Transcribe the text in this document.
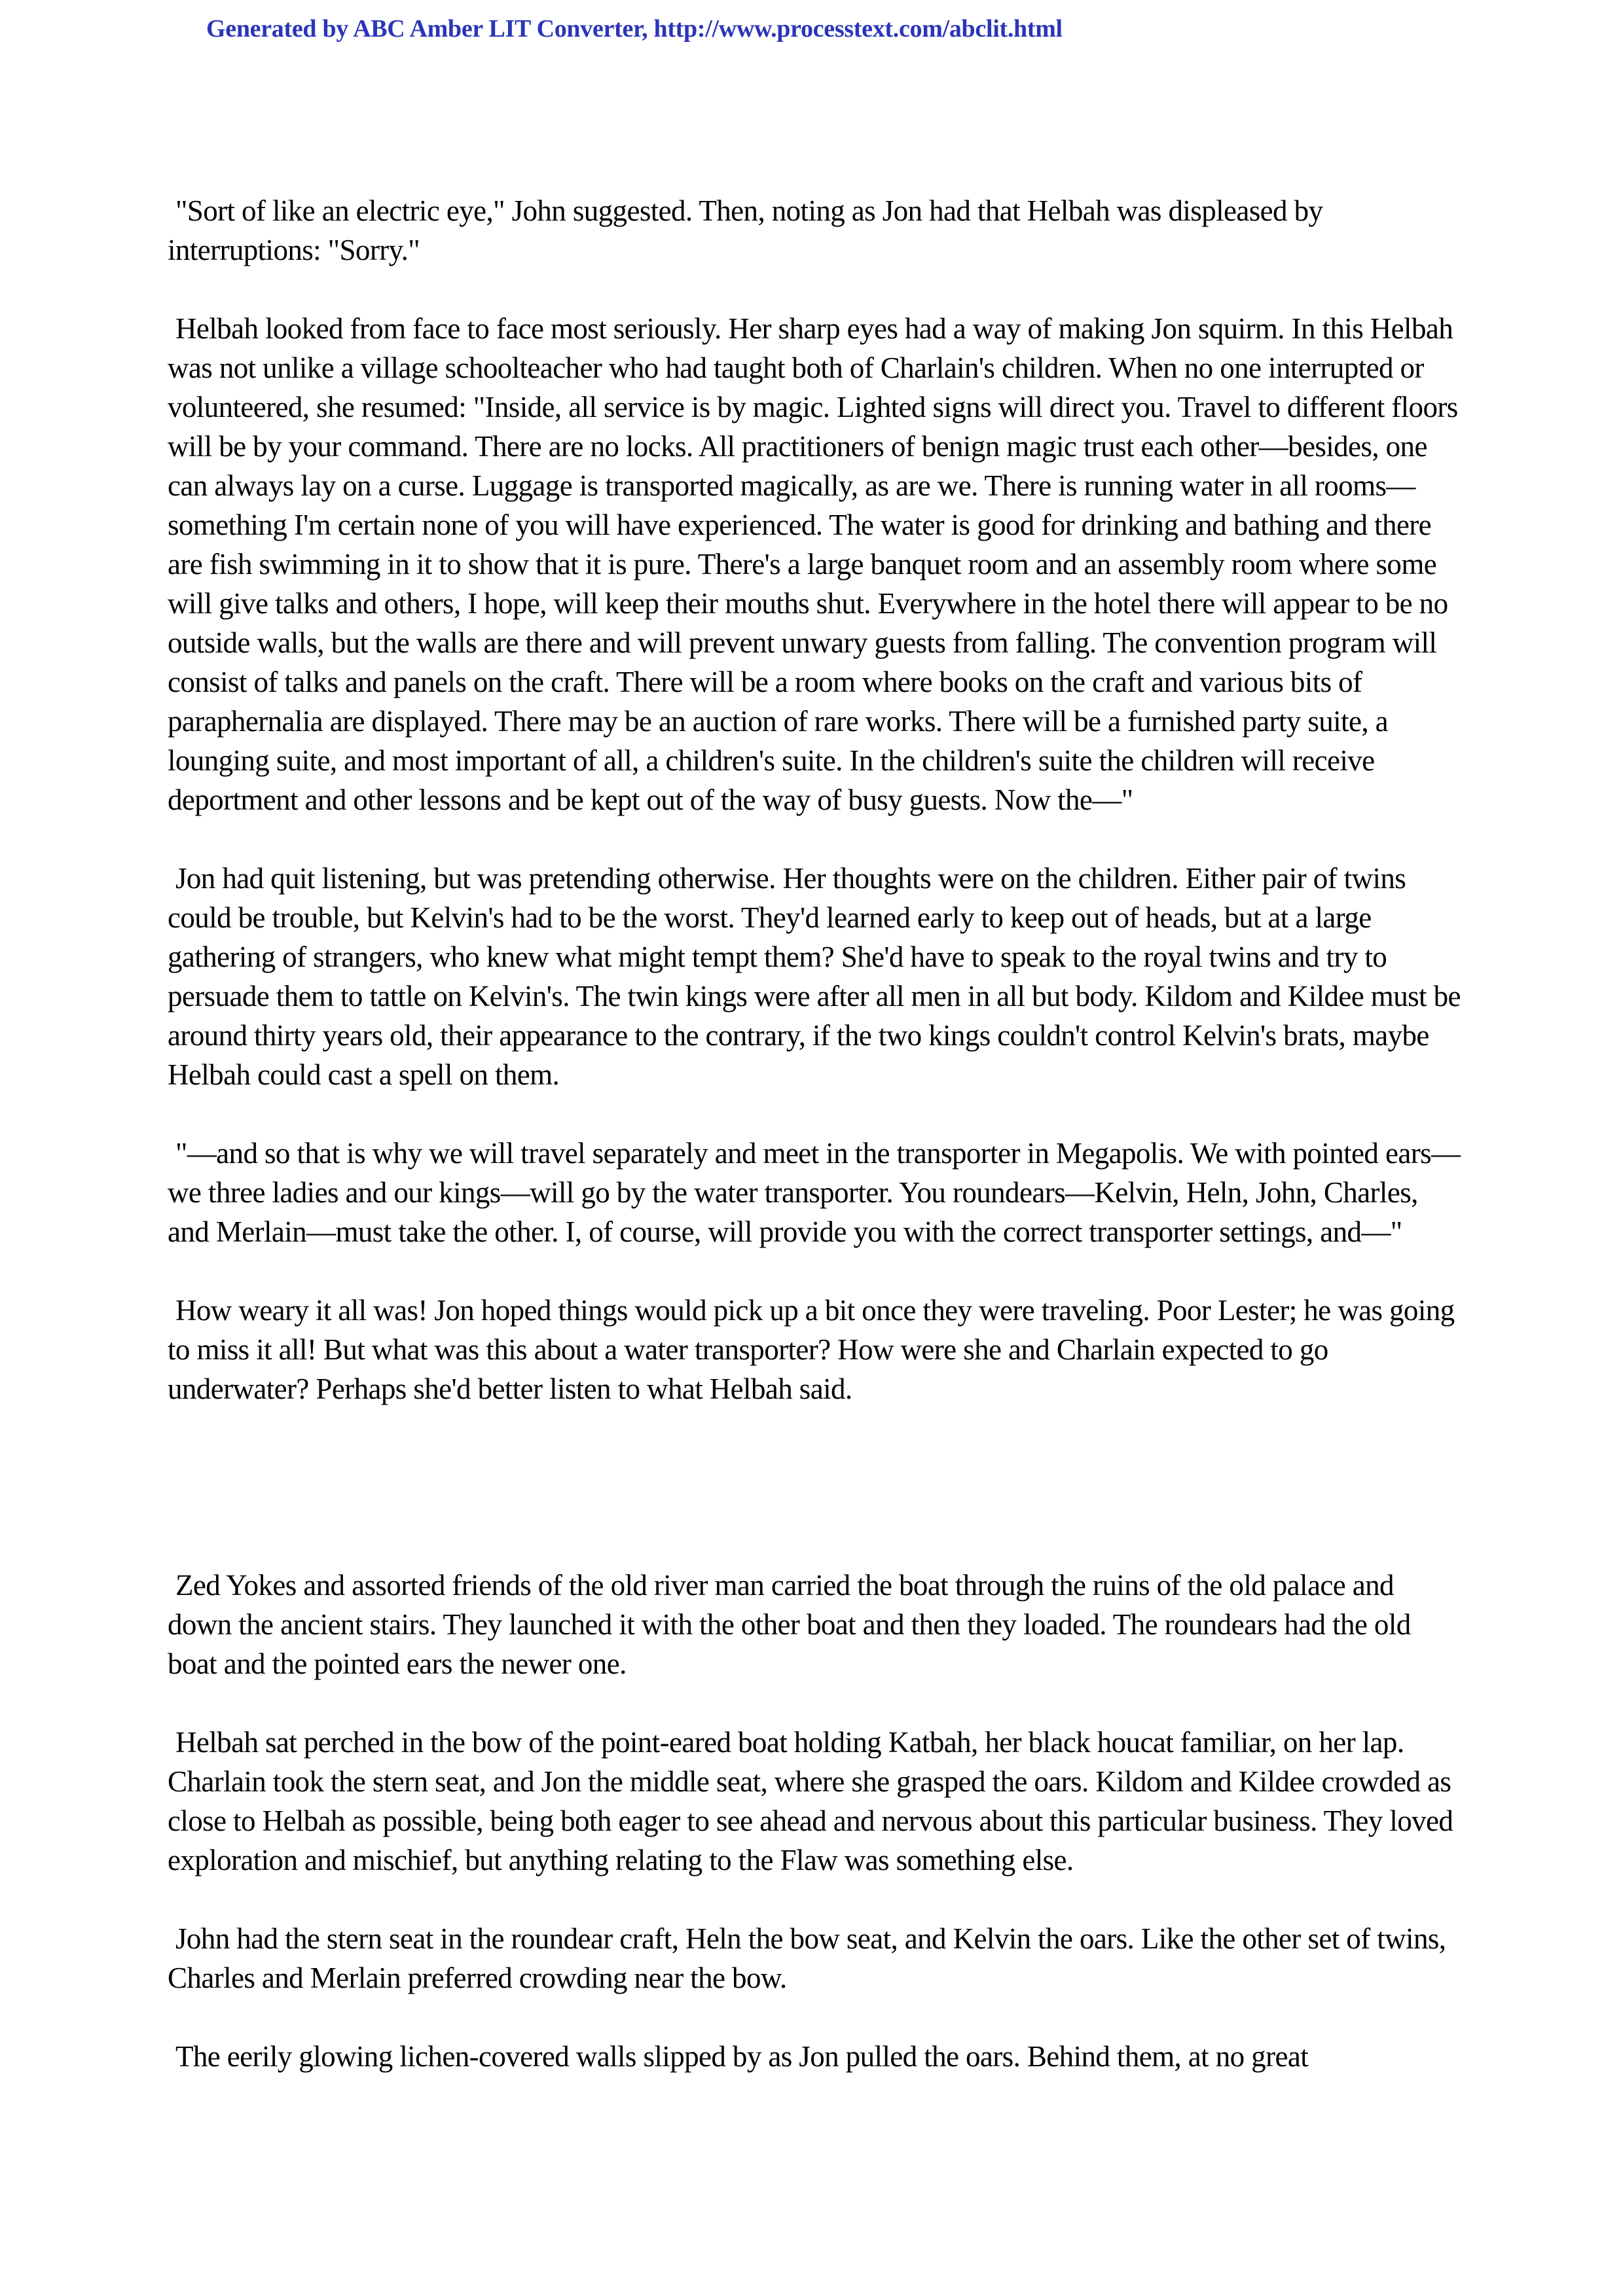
Generated by ABC Amber LIT Converter, http://www.processtext.com/abclit.html

"Sort of like an electric eye," John suggested. Then, noting as Jon had that Helbah was displeased by interruptions: "Sorry."

Helbah looked from face to face most seriously. Her sharp eyes had a way of making Jon squirm. In this Helbah was not unlike a village schoolteacher who had taught both of Charlain's children. When no one interrupted or volunteered, she resumed: "Inside, all service is by magic. Lighted signs will direct you. Travel to different floors will be by your command. There are no locks. All practitioners of benign magic trust each other—besides, one can always lay on a curse. Luggage is transported magically, as are we. There is running water in all rooms—something I'm certain none of you will have experienced. The water is good for drinking and bathing and there are fish swimming in it to show that it is pure. There's a large banquet room and an assembly room where some will give talks and others, I hope, will keep their mouths shut. Everywhere in the hotel there will appear to be no outside walls, but the walls are there and will prevent unwary guests from falling. The convention program will consist of talks and panels on the craft. There will be a room where books on the craft and various bits of paraphernalia are displayed. There may be an auction of rare works. There will be a furnished party suite, a lounging suite, and most important of all, a children's suite. In the children's suite the children will receive deportment and other lessons and be kept out of the way of busy guests. Now the—"

Jon had quit listening, but was pretending otherwise. Her thoughts were on the children. Either pair of twins could be trouble, but Kelvin's had to be the worst. They'd learned early to keep out of heads, but at a large gathering of strangers, who knew what might tempt them? She'd have to speak to the royal twins and try to persuade them to tattle on Kelvin's. The twin kings were after all men in all but body. Kildom and Kildee must be around thirty years old, their appearance to the contrary, if the two kings couldn't control Kelvin's brats, maybe Helbah could cast a spell on them.

"—and so that is why we will travel separately and meet in the transporter in Megapolis. We with pointed ears—we three ladies and our kings—will go by the water transporter. You roundears—Kelvin, Heln, John, Charles, and Merlain—must take the other. I, of course, will provide you with the correct transporter settings, and—"

How weary it all was! Jon hoped things would pick up a bit once they were traveling. Poor Lester; he was going to miss it all! But what was this about a water transporter? How were she and Charlain expected to go underwater? Perhaps she'd better listen to what Helbah said.

Zed Yokes and assorted friends of the old river man carried the boat through the ruins of the old palace and down the ancient stairs. They launched it with the other boat and then they loaded. The roundears had the old boat and the pointed ears the newer one.

Helbah sat perched in the bow of the point-eared boat holding Katbah, her black houcat familiar, on her lap. Charlain took the stern seat, and Jon the middle seat, where she grasped the oars. Kildom and Kildee crowded as close to Helbah as possible, being both eager to see ahead and nervous about this particular business. They loved exploration and mischief, but anything relating to the Flaw was something else.

John had the stern seat in the roundear craft, Heln the bow seat, and Kelvin the oars. Like the other set of twins, Charles and Merlain preferred crowding near the bow.

The eerily glowing lichen-covered walls slipped by as Jon pulled the oars. Behind them, at no great
